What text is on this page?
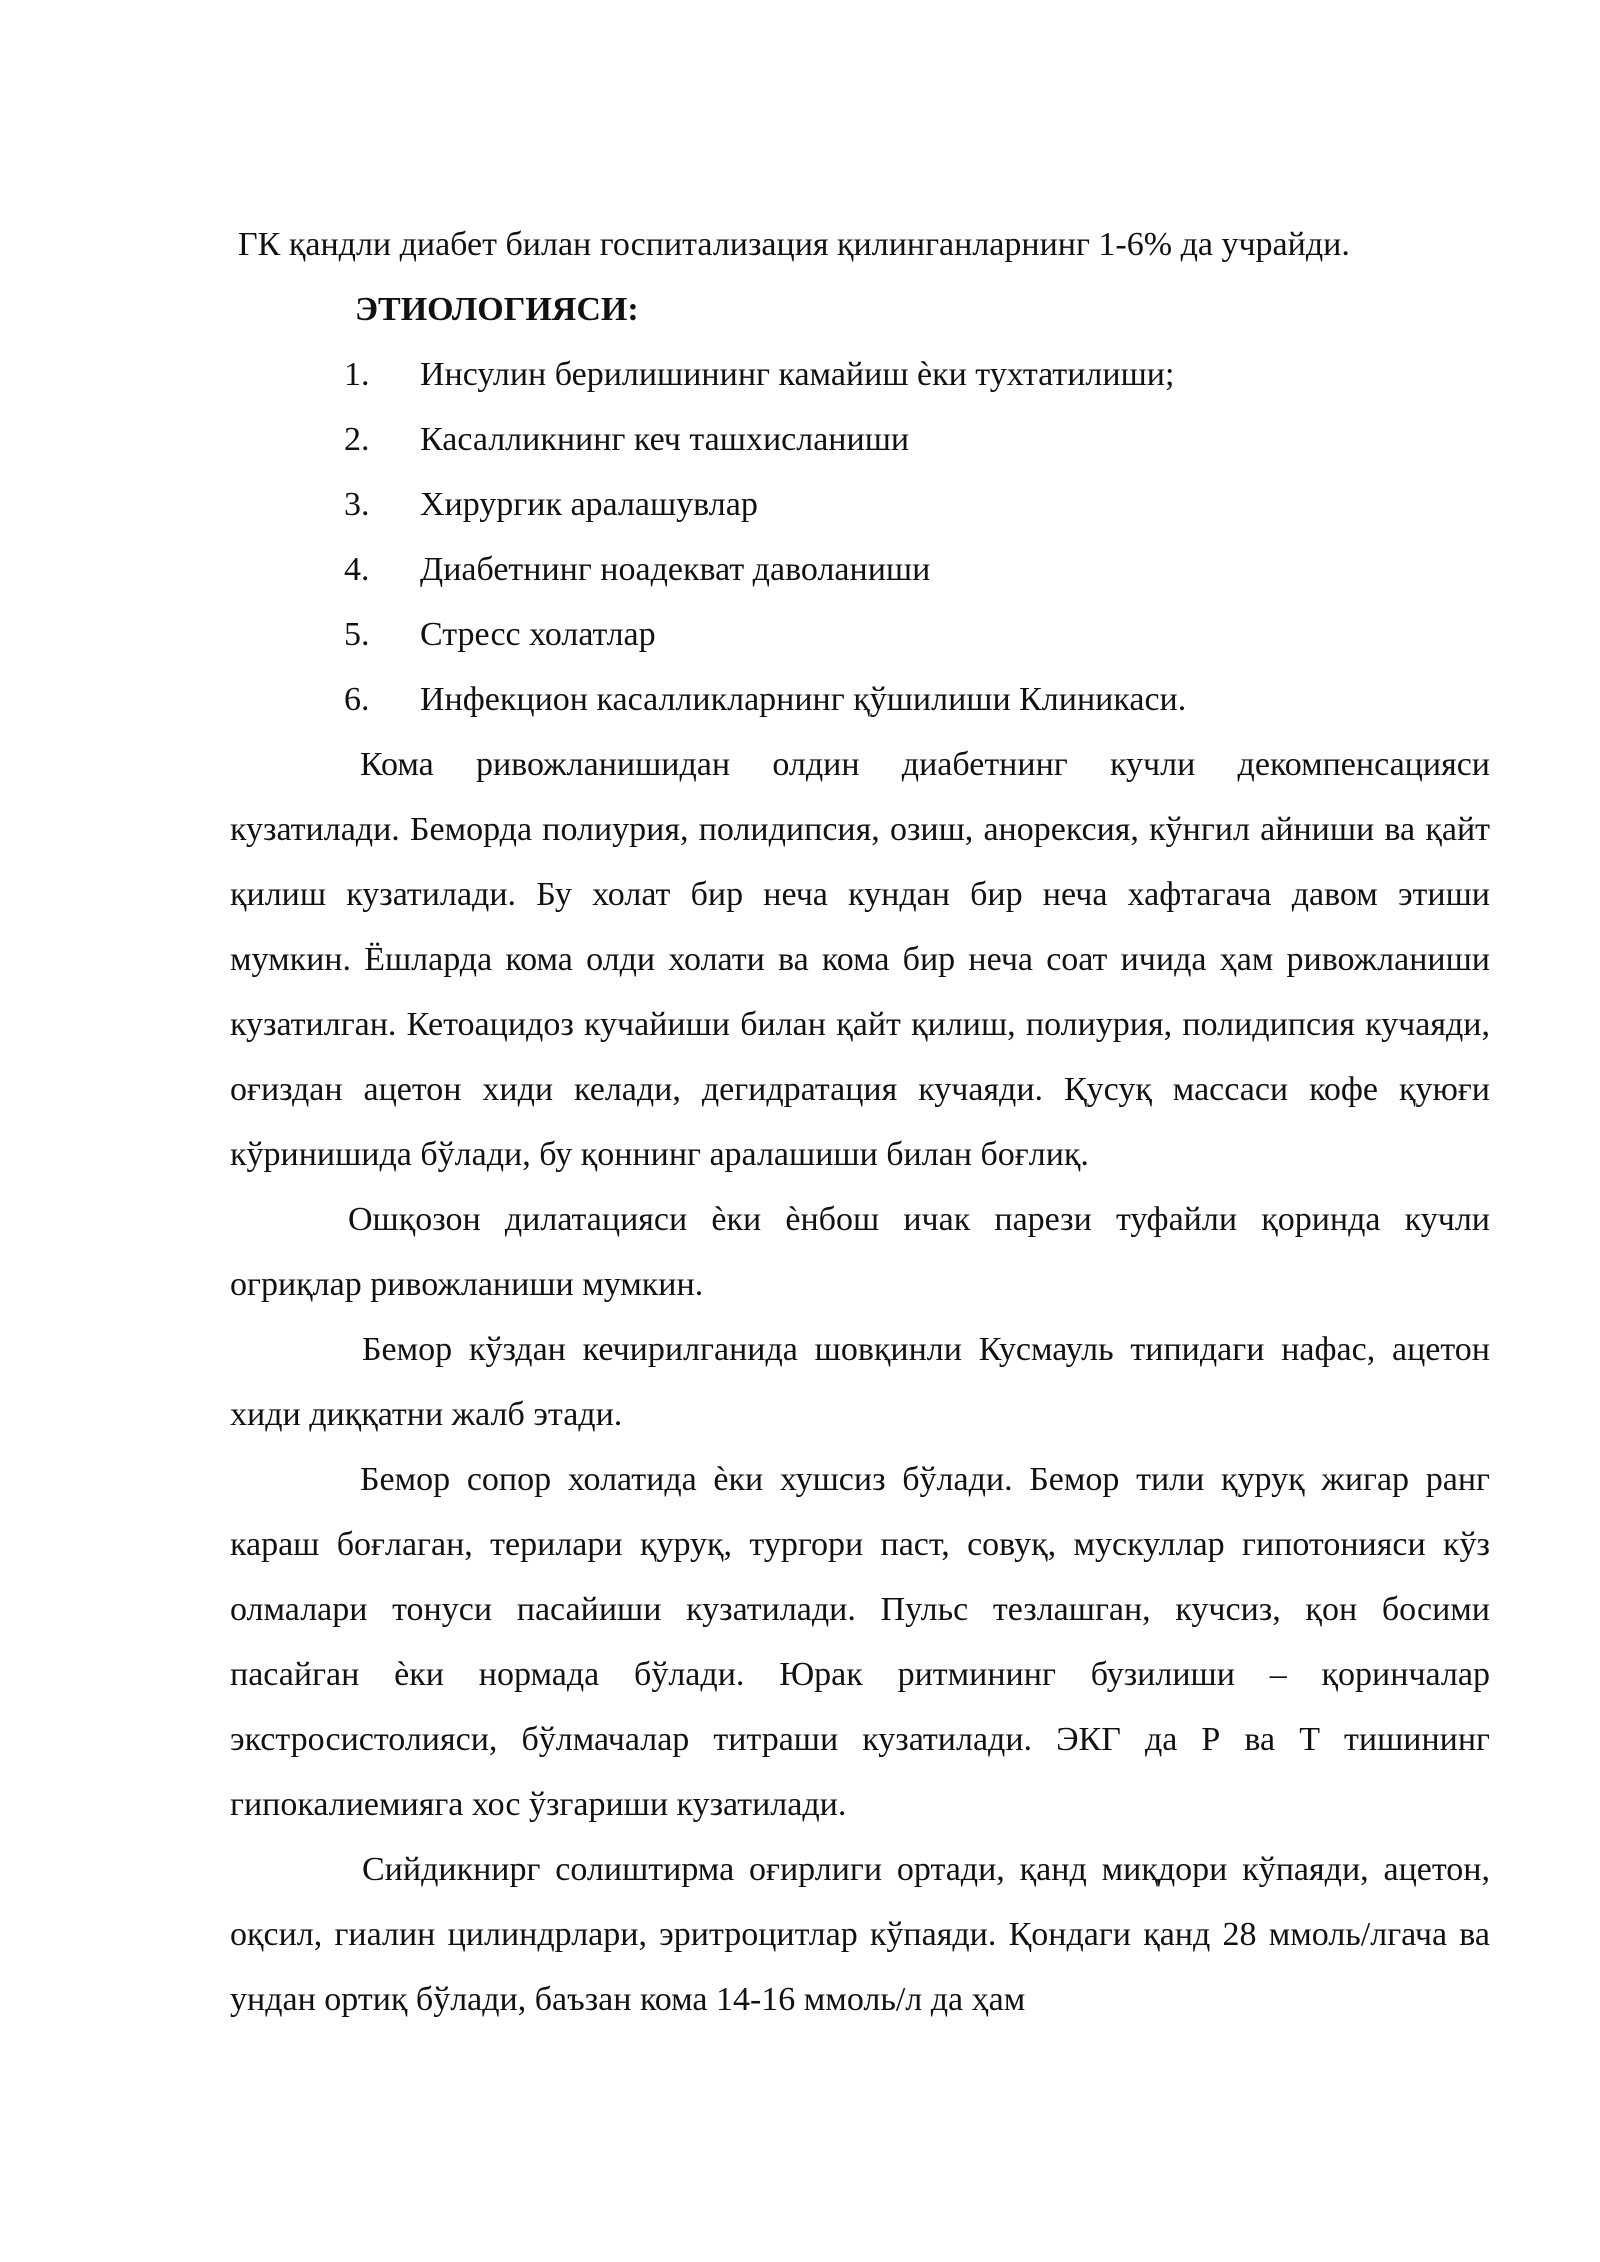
ГК қандли диабет билан госпитализация қилинганларнинг 1-6% да учрайди.
ЭТИОЛОГИЯСИ:
1. Инсулин берилишининг камайиш ѐки тухтатилиши;
2. Касалликнинг кеч ташхисланиши
3. Хирургик аралашувлар
4. Диабетнинг ноадекват даволаниши
5. Стресс холатлар
6. Инфекцион касалликларнинг қўшилиши Клиникаси.

Кома ривожланишидан олдин диабетнинг кучли декомпенсацияси кузатилади. Беморда полиурия, полидипсия, озиш, анорексия, кўнгил айниши ва қайт қилиш кузатилади. Бу холат бир неча кундан бир неча хафтагача давом этиши мумкин. Ёшларда кома олди холати ва кома бир неча соат ичида ҳам ривожланиши кузатилган. Кетоацидоз кучайиши билан қайт қилиш, полиурия, полидипсия кучаяди, оғиздан ацетон хиди келади, дегидратация кучаяди. Қусуқ массаси кофе қуюғи кўринишида бўлади, бу қоннинг аралашиши билан боғлиқ.

Ошқозон дилатацияси ѐки ѐнбош ичак парези туфайли қоринда кучли огриқлар ривожланиши мумкин.

Бемор кўздан кечирилганида шовқинли Кусмауль типидаги нафас, ацетон хиди диққатни жалб этади.

Бемор сопор холатида ѐки хушсиз бўлади. Бемор тили қуруқ жигар ранг караш боғлаган, терилари қуруқ, тургори паст, совуқ, мускуллар гипотонияси кўз олмалари тонуси пасайиши кузатилади. Пульс тезлашган, кучсиз, қон босими пасайган ѐки нормада бўлади. Юрак ритмининг бузилиши – қоринчалар экстросистолияси, бўлмачалар титраши кузатилади. ЭКГ да Р ва Т тишининг гипокалиемияга хос ўзгариши кузатилади.

Сийдикнирг солиштирма оғирлиги ортади, қанд миқдори кўпаяди, ацетон, оқсил, гиалин цилиндрлари, эритроцитлар кўпаяди. Қондаги қанд 28 ммоль/лгача ва ундан ортиқ бўлади, баъзан кома 14-16 ммоль/л да ҳам
